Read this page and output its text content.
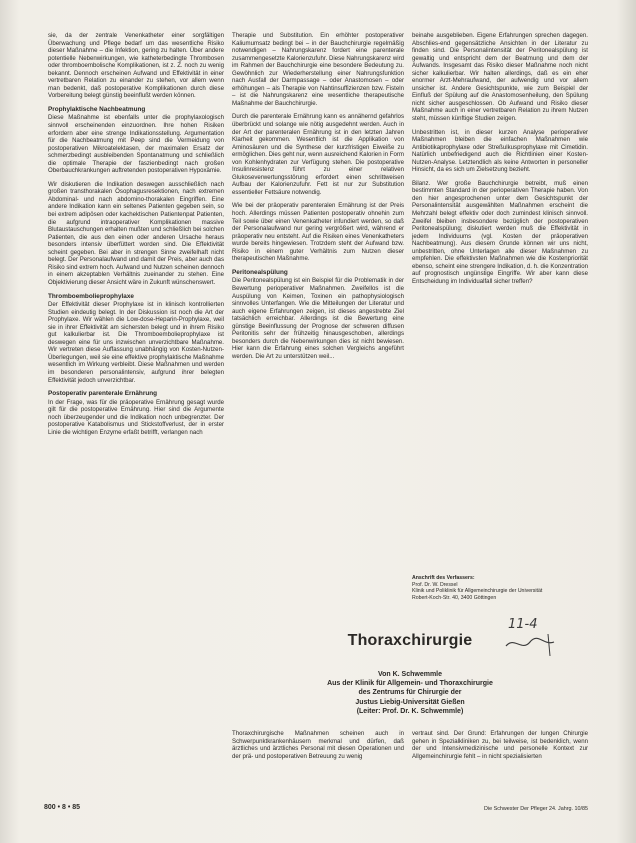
sie, da der zentrale Venenkatheter einer sorgfältigen Überwachung und Pflege bedarf um das wesentliche Risiko dieser Maßnahme – die Infektion, gering zu halten. Über andere potentielle Nebenwirkungen, wie katheterbedingte Thrombosen oder thromboembolische Komplikationen, ist z. Z. noch zu wenig bekannt. Dennoch erscheinen Aufwand und Effektivität in einer vertretbaren Relation zu einander zu stehen, vor allem wenn man bedenkt, daß postoperative Komplikationen durch diese Vorbereitung belegt günstig beeinflußt werden können.

Prophylaktische Nachbeatmung

Diese Maßnahme ist ebenfalls unter die prophylaxologisch sinnvoll erscheinenden einzuordnen. Ihre hohen Risiken erfordern aber eine strenge Indikationsstellung. Argumentation für die Nachbeatmung mit Peep sind die Vermeidung von postoperativen Mikroatelektasen, der maximalen Ersatz der schmerzbedingt ausbleibenden Spontanatmung und schließlich die optimale Therapie der faszienbedingt nach großen Oberbauchkrankungen auftretenden postoperativen Hypoxämie.

Wir diskutieren die Indikation deswegen ausschließlich nach großen transthorakalen Ösophagusresektionen, nach extremen Abdominal- und nach abdomino-thorakalen Eingriffen. Eine andere Indikation kann ein seltenes Patienten gegeben sein, so bei extrem adipösen oder kachektischen Patientenpat Patienten, die aufgrund intraoperativer Komplikationen massive Blutaustauschungen erhalten mußten und schließlich bei solchen Patienten, die aus den einen oder anderen Ursache heraus besonders intensiv überfüttert worden sind. Die Effektivität scheint gegeben. Bei aber in strengen Sinne zweifelhaft nicht belegt. Der Personalaufwand und damit der Preis, aber auch das Risiko sind extrem hoch. Aufwand und Nutzen scheinen dennoch in einem akzeptablen Verhältnis zueinander zu stehen. Eine Objektivierung dieser Ansicht wäre in Zukunft wünschenswert.

Thromboembolieprophylaxe

Der Effektivität dieser Prophylaxe ist in klinisch kontrollierten Studien eindeutig belegt. In der Diskussion ist noch die Art der Prophylaxe. Wir wählen die Low-dose-Heparin-Prophylaxe, weil sie in ihrer Effektivität am sichersten belegt und in ihrem Risiko gut kalkulierbar ist. Die Thromboembolieprophylaxe ist deswegen eine für uns inzwischen unverzichtbare Maßnahme. Wir vertreten diese Auffassung unabhängig von Kosten-Nutzen-Überlegungen, weil sie eine effektive prophylaktische Maßnahme wesentlich im Wirkung verbleibt. Diese Maßnahmen und werden im besonderen personalintensiv, aufgrund ihrer belegten Effektivität jedoch unverzichtbar.

Postoperativ parenterale Ernährung

In der Frage, was für die präoperative Ernährung gesagt wurde gilt für die postoperative Ernährung. Hier sind die Argumente noch überzeugender und die Indikation noch unbegrenzter. Der postoperative Katabolismus und Stickstoffverlust, der in erster Linie die wichtigen Enzyme erfaßt betrifft, verlangen nach

Therapie und Substitution. Ein erhöhter postoperativer Kaliumumsatz bedingt bei – in der Bauchchirurgie regelmäßig notwendigen – Nahrungskarenz fordert eine parenterale zusammengesetzte Kalorienzufuhr. Diese Nahrungskarenz wird im Rahmen der Bauchchirurgie eine besondere Bedeutung zu. Gewöhnlich zur Wiederherstellung einer Nahrungsfunktion nach Ausfall der Darmpassage – oder Anastomosen – oder erhöhungen – als Therapie von Nahtinsuffizienzen bzw. Fisteln – ist die Nahrungskarenz eine wesentliche therapeutische Maßnahme der Bauchchirurgie.

Durch die parenterale Ernährung kann es annähernd gefahrlos überbrückt und solange wie nötig ausgedehnt werden. Auch in der Art der parenteralen Ernährung ist in den letzten Jahren Klarheit gekommen. Wesentlich ist die Applikation von Aminosäuren und die Synthese der kurzfristigen Eiweiße zu ermöglichen. Dies geht nur, wenn ausreichend Kalorien in Form von Kohlenhydraten zur Verfügung stehen. Die postoperative Insulinresistenz führt zu einer relativen Glukoseverwertungsstörung erfordert einen schrittweisen Aufbau der Kalorienzufuhr. Fett ist nur zur Substitution essentieller Fettsäure notwendig.

Wie bei der präoperativ parenteralen Ernährung ist der Preis hoch. Allerdings müssen Patienten postoperativ ohnehin zum Teil sowie über einen Venenkatheter infundiert werden, so daß der Personalaufwand nur gering vergrößert wird, während er präoperativ neu entsteht. Auf die Risiken eines Venenkatheters wurde bereits hingewiesen. Trotzdem steht der Aufwand bzw. Risiko in einem guter Verhältnis zum Nutzen dieser therapeutischen Maßnahme.

Peritonealspülung

Die Peritonealspülung ist ein Beispiel für die Problematik in der Bewertung perioperativer Maßnahmen. Zweifellos ist die Auspülung von Keimen, Toxinen ein pathophysiologisch sinnvolles Unterfangen. Wie die Mitteilungen der Literatur und auch eigene Erfahrungen zeigen, ist dieses angestrebte Ziel tatsächlich erreichbar. Allerdings ist die Bewertung eine günstige Beeinflussung der Prognose der schweren diffusen Peritonitis sehr der frühzeitig hinausgeschoben, allerdings besonders durch die Nebenwirkungen dies ist nicht bewiesen. Hier kann die Erfahrung eines solchen Vergleichs angeführt werden. Die Art zu unterstützen weil...

beinahe ausgeblieben. Eigene Erfahrungen sprechen dagegen. Abschlies-end gegensätzliche Ansichten in der Literatur zu finden sind. Die Personalintensität der Peritonealspülung ist gewaltig und entspricht dem der Beatmung und dem der Aufwands. Insgesamt das Risiko dieser Maßnahme noch nicht sicher kalkulierbar. Wir halten allerdings, daß es ein eher enormer Arzt-Mehraufwand, der aufwendig und vor allem unsicher ist. Andere Gesichtspunkte, wie zum Beispiel der Einfluß der Spülung auf die Anastomosenheilung, den Spülung nicht sicher ausgeschlossen. Ob Aufwand und Risiko dieser Maßnahme auch in einer vertretbaren Relation zu ihrem Nutzen steht, müssen künftige Studien zeigen.

Unbestritten ist, in dieser kurzen Analyse perioperativer Maßnahmen bleiben die einfachen Maßnahmen wie Antibiotikaprophylaxe oder Streßulkusprophylaxe mit Cimetidin. Natürlich unbefriedigend auch die Richtlinien einer Kosten-Nutzen-Analyse. Letztendlich als keine Antworten in personeller Hinsicht, da es sich um Zielsetzung bezieht.

Bilanz. Wer große Bauchchirurgie betreibt, muß einen bestimmten Standard in der perioperativen Therapie haben. Von den hier angesprochenen unter dem Gesichtspunkt der Personalintensität ausgewählten Maßnahmen erscheint die Mehrzahl belegt effektiv oder doch zumindest klinisch sinnvoll. Zweifel bleiben insbesondere bezüglich der postoperativen Peritonealspülung; diskutiert werden muß die Effektivität in jedem Individuums (vgl. Kosten der präoperativen Nachbeatmung). Aus diesem Grunde können wir uns nicht, unbestritten, ohne Unterlagen alle dieser Maßnahmen zu empfehlen. Die effektivsten Maßnahmen wie die Kostenpriorität ebenso, scheint eine strengere Indikation, d. h. die Konzentration auf prognostisch ungünstige Eingriffe. Wir aber kann diese Entscheidung im Individualfall sicher treffen?

Anschrift des Verfassers:
Prof. Dr. W. Dressel
Klinik und Poliklinik für Allgemeinchirurgie der Universität
Robert-Koch-Str. 40, 3400 Göttingen
11-4
Thoraxchirurgie
Von K. Schwemmle
Aus der Klinik für Allgemein- und Thoraxchirurgie
des Zentrums für Chirurgie der
Justus Liebig-Universität Gießen
(Leiter: Prof. Dr. K. Schwemmle)

Thoraxchirurgische Maßnahmen scheinen auch in Schwerpunktkrankenhäusern merkmal und dürfen, daß ärztliches und ärztliches Personal mit diesen Operationen und der prä- und postoperativen Betreuung zu wenig

vertraut sind. Der Grund: Erfahrungen der lungen Chirurgie gehen in Spezialkliniken zu, bei teilweise, ist bedenklich, wenn der und Intensivmedizinische und personelle Kontext zur Allgemeinchirurgie fehlt – in nicht spezialisierten

800 • 8 • 85	Die Schwester Der Pfleger 24. Jahrg. 10/85
